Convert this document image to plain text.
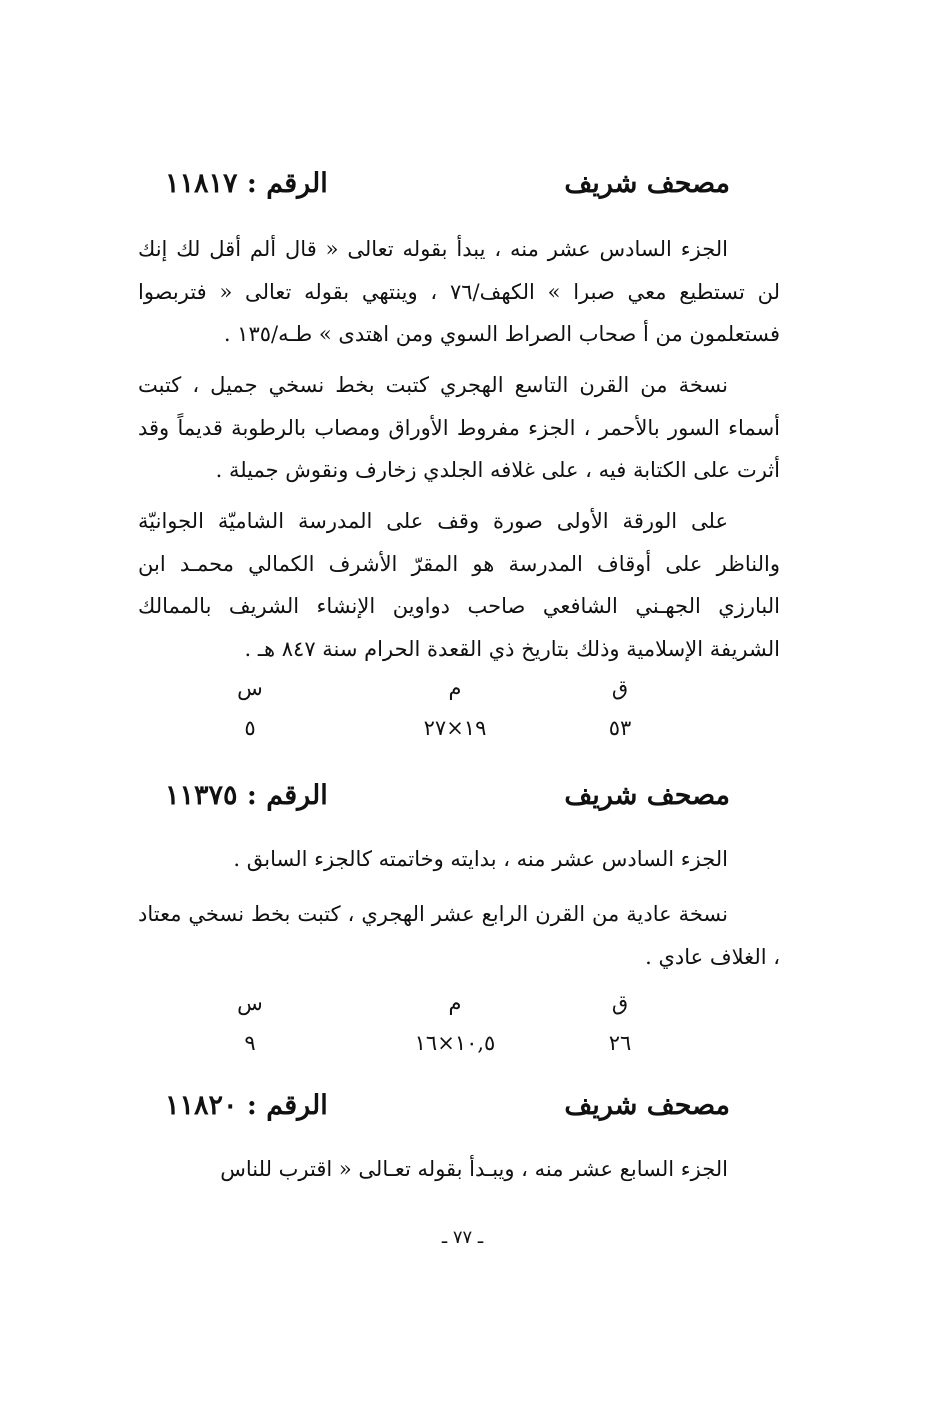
مصحف شريف
الرقم : ١١٨١٧

الجزء السادس عشر منه ، يبدأ بقوله تعالى « قال ألم أقل لك إنك لن تستطيع معي صبرا » الكهف/٧٦ ، وينتهي بقوله تعالى « فتربصوا فستعلمون من أ صحاب الصراط السوي ومن اهتدى » طـه/١٣٥ .

نسخة من القرن التاسع الهجري كتبت بخط نسخي جميل ، كتبت أسماء السور بالأحمر ، الجزء مفروط الأوراق ومصاب بالرطوبة قديماً وقد أثرت على الكتابة فيه ، على غلافه الجلدي زخارف ونقوش جميلة .

على الورقة الأولى صورة وقف على المدرسة الشاميّة الجوانيّة والناظر على أوقاف المدرسة هو المقرّ الأشرف الكمالي محمـد ابن البارزي الجهـني الشافعي صاحب دواوين الإنشاء الشريف بالممالك الشريفة الإسلامية وذلك بتاريخ ذي القعدة الحرام سنة ٨٤٧ هـ .

ق
٥٣
م
١٩×٢٧
س
٥
مصحف شريف
الرقم : ١١٣٧٥

الجزء السادس عشر منه ، بدايته وخاتمته كالجزء السابق .

نسخة عادية من القرن الرابع عشر الهجري ، كتبت بخط نسخي معتاد ، الغلاف عادي .

ق
٢٦
م
١٠,٥×١٦
س
٩
مصحف شريف
الرقم : ١١٨٢٠

الجزء السابع عشر منه ، ويبـدأ بقوله تعـالى « اقترب للناس

ـ ٧٧ ـ
